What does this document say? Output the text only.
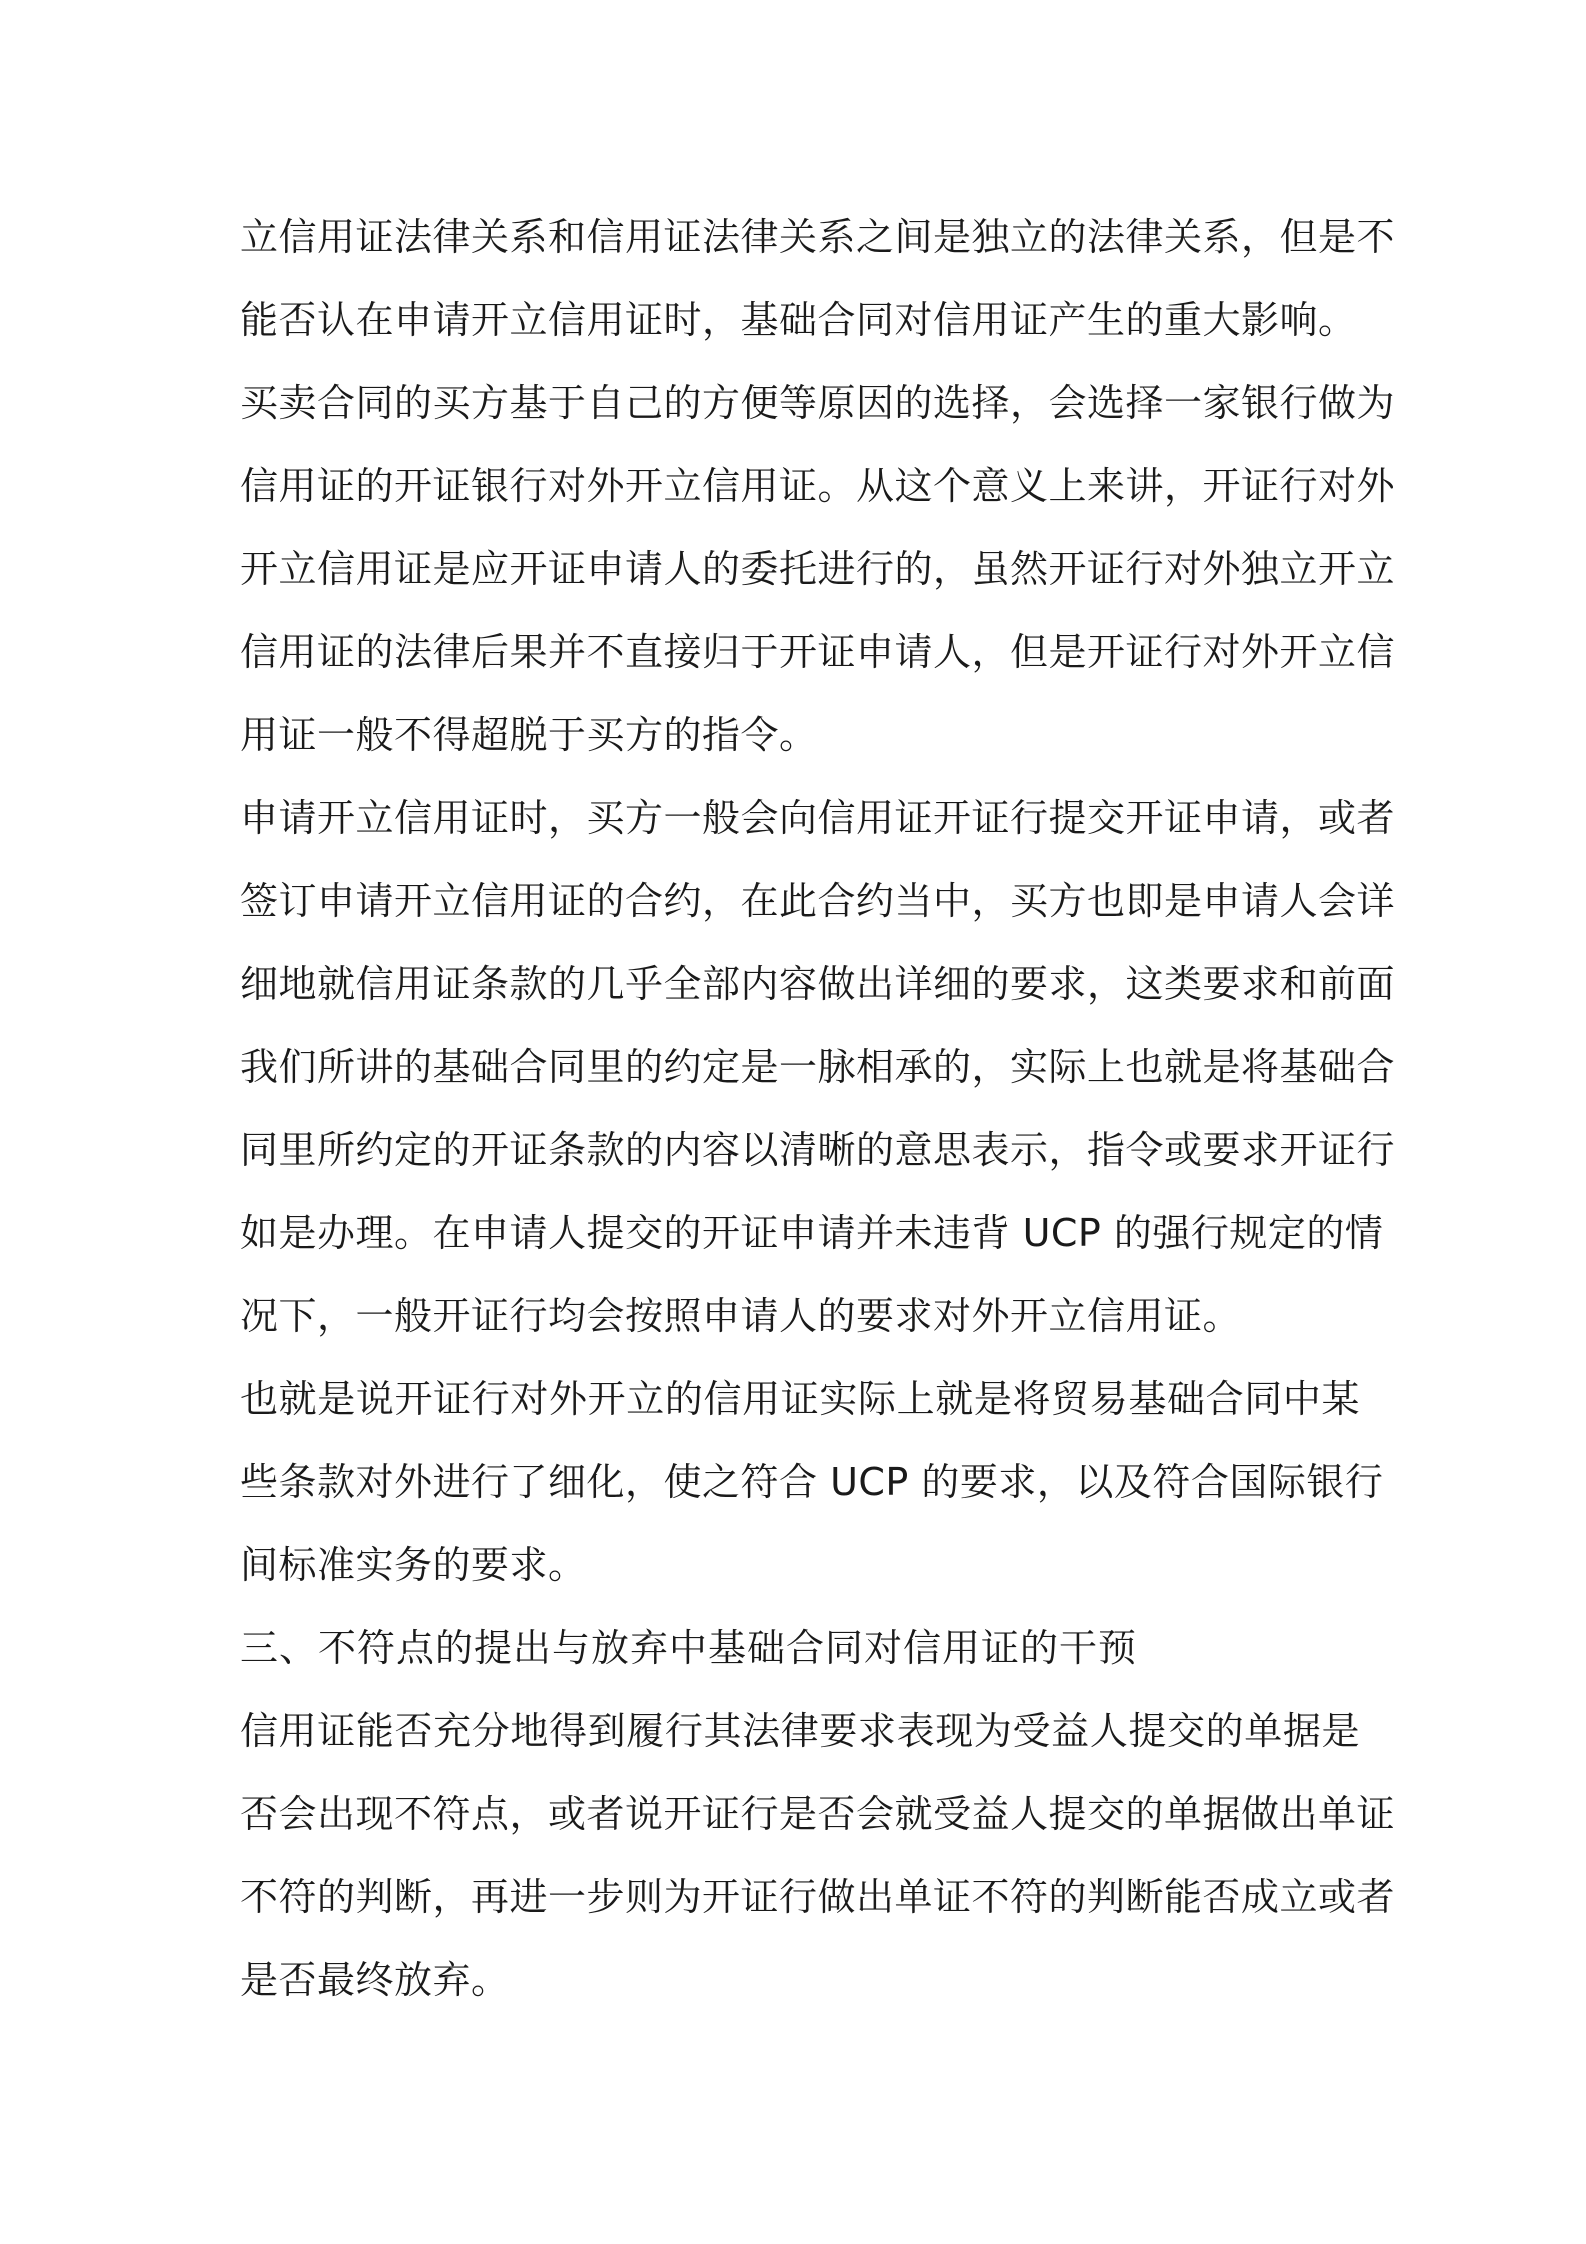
立信用证法律关系和信用证法律关系之间是独立的法律关系，但是不
能否认在申请开立信用证时，基础合同对信用证产生的重大影响。
买卖合同的买方基于自己的方便等原因的选择，会选择一家银行做为
信用证的开证银行对外开立信用证。从这个意义上来讲，开证行对外
开立信用证是应开证申请人的委托进行的，虽然开证行对外独立开立
信用证的法律后果并不直接归于开证申请人，但是开证行对外开立信
用证一般不得超脱于买方的指令。
申请开立信用证时，买方一般会向信用证开证行提交开证申请，或者
签订申请开立信用证的合约，在此合约当中，买方也即是申请人会详
细地就信用证条款的几乎全部内容做出详细的要求，这类要求和前面
我们所讲的基础合同里的约定是一脉相承的，实际上也就是将基础合
同里所约定的开证条款的内容以清晰的意思表示，指令或要求开证行
如是办理。在申请人提交的开证申请并未违背 UCP 的强行规定的情
况下，一般开证行均会按照申请人的要求对外开立信用证。
也就是说开证行对外开立的信用证实际上就是将贸易基础合同中某
些条款对外进行了细化，使之符合 UCP 的要求，以及符合国际银行
间标准实务的要求。
三、不符点的提出与放弃中基础合同对信用证的干预
信用证能否充分地得到履行其法律要求表现为受益人提交的单据是
否会出现不符点，或者说开证行是否会就受益人提交的单据做出单证
不符的判断，再进一步则为开证行做出单证不符的判断能否成立或者
是否最终放弃。
